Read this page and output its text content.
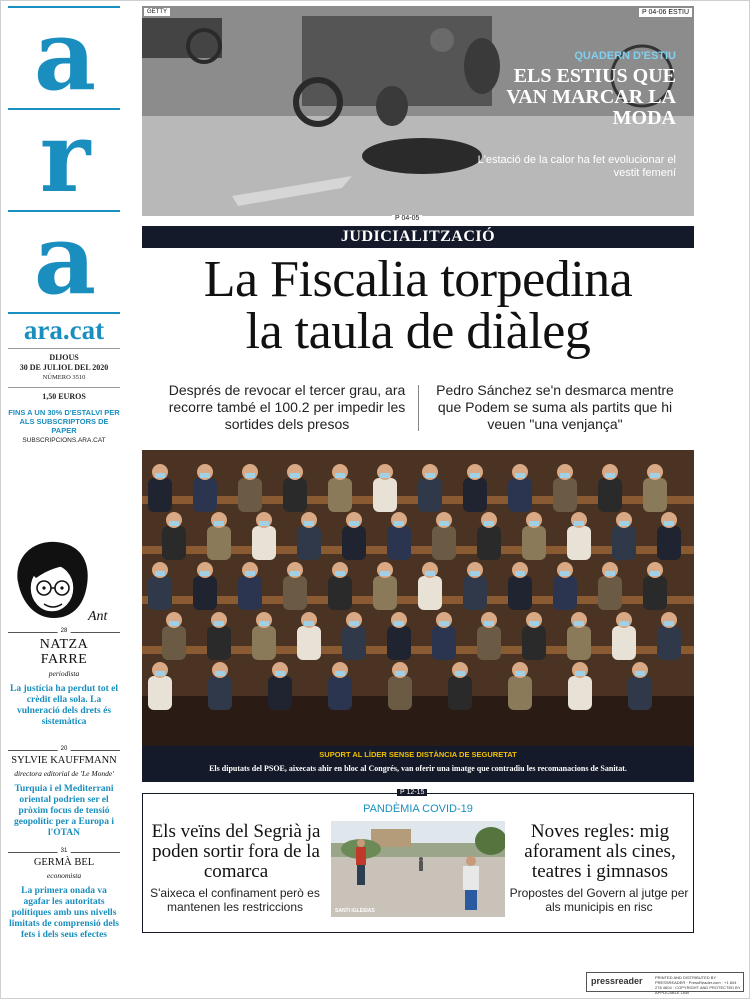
a
r
a
ara.cat
DIJOUS
30 DE JULIOL DEL 2020
NÚMERO 3510
1,50 EUROS
FINS A UN 30% D'ESTALVI PER ALS SUBSCRIPTORS DE PAPER
SUBSCRIPCIONS.ARA.CAT
Ant
28
NATZA
FARRE
periodista
La justícia ha perdut tot el crèdit ella sola. La vulneració dels drets és sistemàtica
20
SYLVIE KAUFFMANN
directora editorial de 'Le Monde'
Turquia i el Mediterrani oriental podrien ser el pròxim focus de tensió geopolític per a Europa i l'OTAN
31
GERMÀ BEL
economista
La primera onada va agafar les autoritats polítiques amb uns nivells limitats de comprensió dels fets i dels seus efectes
GETTY	P 04-06 ESTIU
QUADERN D'ESTIU
ELS ESTIUS QUE VAN MARCAR LA MODA
L'estació de la calor ha fet evolucionar el vestit femení
P 04-05
JUDICIALITZACIÓ
La Fiscalia torpedina
la taula de diàleg
Després de revocar el tercer grau, ara recorre també el 100.2 per impedir les sortides dels presos
Pedro Sánchez se'n desmarca mentre que Podem se suma als partits que hi veuen "una venjança"
SUPORT AL LÍDER SENSE DISTÀNCIA DE SEGURETAT
Els diputats del PSOE, aixecats ahir en bloc al Congrés, van oferir una imatge que contradiu les recomanacions de Sanitat.
P 12-15
PANDÈMIA COVID-19
Els veïns del Segrià ja poden sortir fora de la comarca
S'aixeca el confinament però es mantenen les restriccions	SANTI IGLESIAS
Noves regles: mig aforament als cines, teatres i gimnasos
Propostes del Govern al jutge per als municipis en risc
pressreader	PRINTED AND DISTRIBUTED BY PRESSREADER · PressReader.com · +1 604 278 4604 · COPYRIGHT AND PROTECTED BY APPLICABLE LAW
